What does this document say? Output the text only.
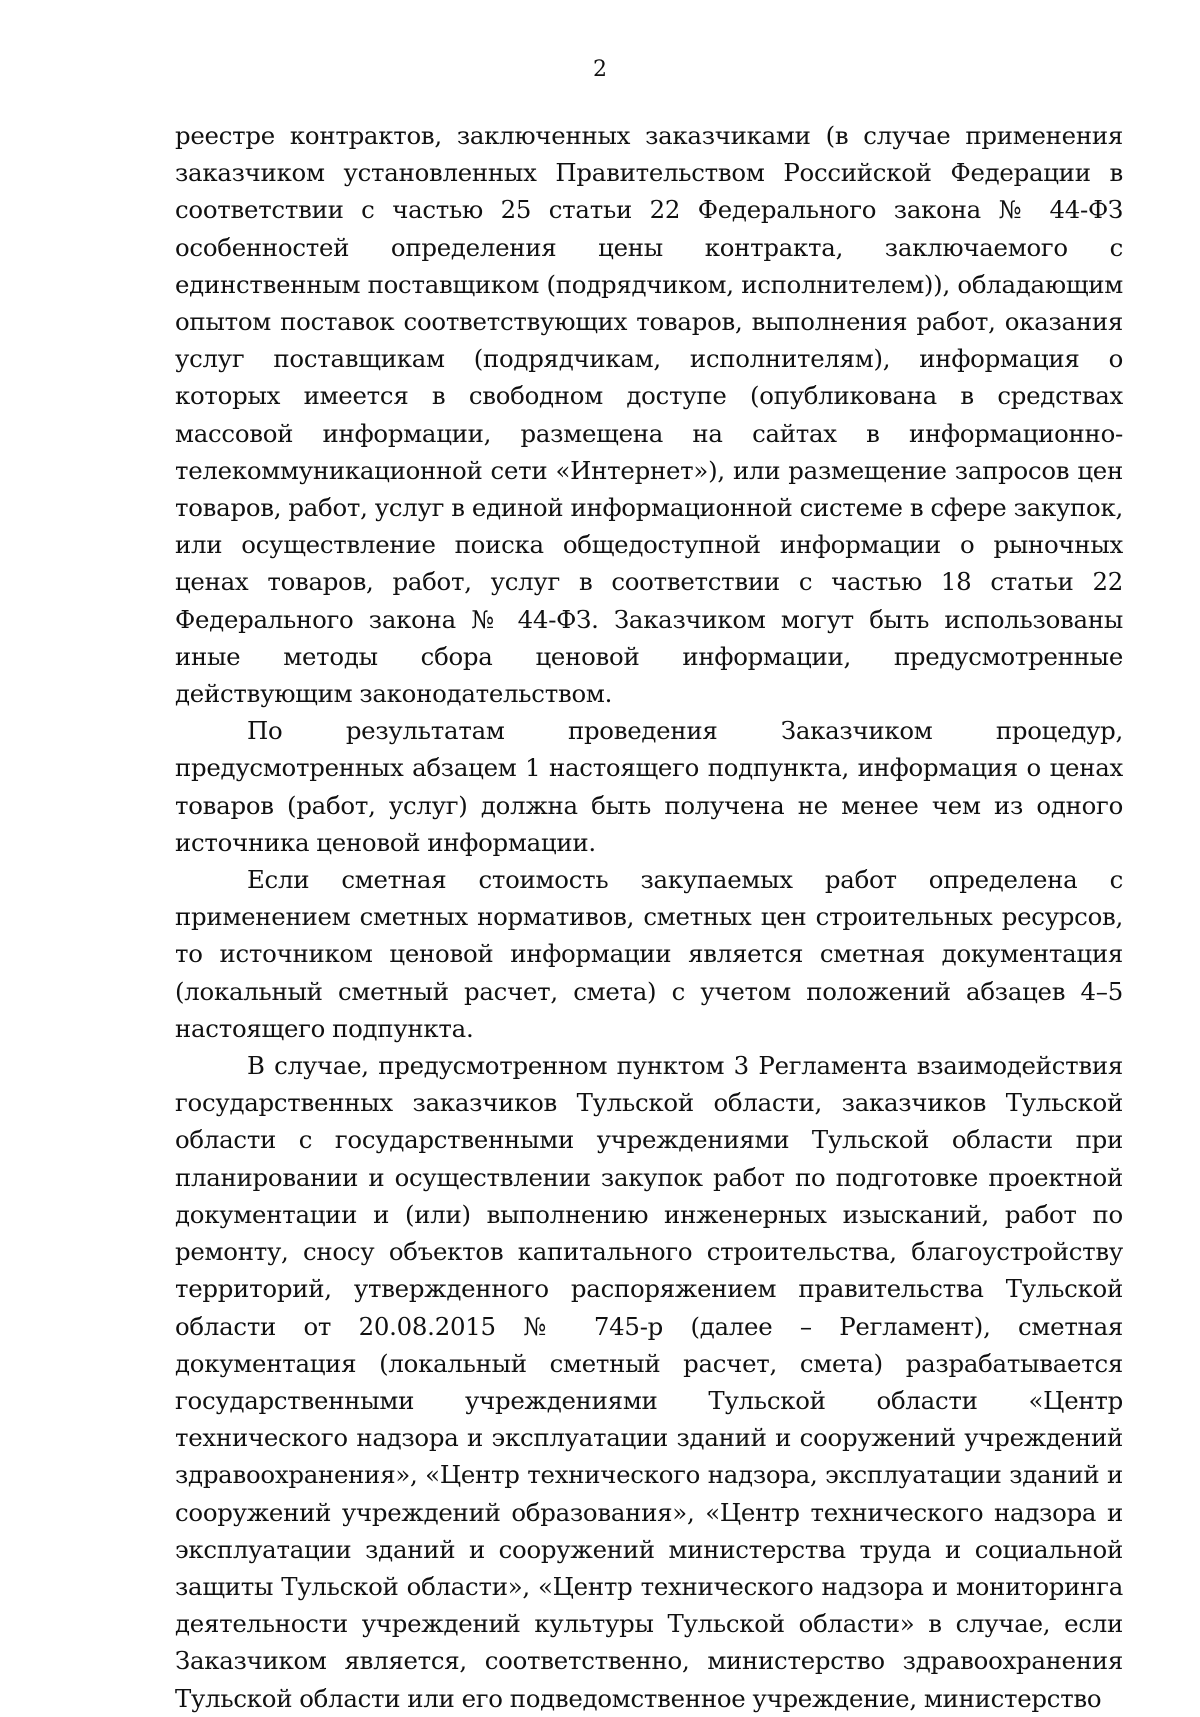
2

реестре контрактов, заключенных заказчиками (в случае применения заказчиком установленных Правительством Российской Федерации в соответствии с частью 25 статьи 22 Федерального закона № 44-ФЗ особенностей определения цены контракта, заключаемого с единственным поставщиком (подрядчиком, исполнителем)), обладающим опытом поставок соответствующих товаров, выполнения работ, оказания услуг поставщикам (подрядчикам, исполнителям), информация о которых имеется в свободном доступе (опубликована в средствах массовой информации, размещена на сайтах в информационно-телекоммуникационной сети «Интернет»), или размещение запросов цен товаров, работ, услуг в единой информационной системе в сфере закупок, или осуществление поиска общедоступной информации о рыночных ценах товаров, работ, услуг в соответствии с частью 18 статьи 22 Федерального закона № 44-ФЗ. Заказчиком могут быть использованы иные методы сбора ценовой информации, предусмотренные действующим законодательством.

По результатам проведения Заказчиком процедур, предусмотренных абзацем 1 настоящего подпункта, информация о ценах товаров (работ, услуг) должна быть получена не менее чем из одного источника ценовой информации.

Если сметная стоимость закупаемых работ определена с применением сметных нормативов, сметных цен строительных ресурсов, то источником ценовой информации является сметная документация (локальный сметный расчет, смета) с учетом положений абзацев 4–5 настоящего подпункта.

В случае, предусмотренном пунктом 3 Регламента взаимодействия государственных заказчиков Тульской области, заказчиков Тульской области с государственными учреждениями Тульской области при планировании и осуществлении закупок работ по подготовке проектной документации и (или) выполнению инженерных изысканий, работ по ремонту, сносу объектов капитального строительства, благоустройству территорий, утвержденного распоряжением правительства Тульской области от 20.08.2015 № 745-р (далее – Регламент), сметная документация (локальный сметный расчет, смета) разрабатывается государственными учреждениями Тульской области «Центр технического надзора и эксплуатации зданий и сооружений учреждений здравоохранения», «Центр технического надзора, эксплуатации зданий и сооружений учреждений образования», «Центр технического надзора и эксплуатации зданий и сооружений министерства труда и социальной защиты Тульской области», «Центр технического надзора и мониторинга деятельности учреждений культуры Тульской области» в случае, если Заказчиком является, соответственно, министерство здравоохранения Тульской области или его подведомственное учреждение, министерство
